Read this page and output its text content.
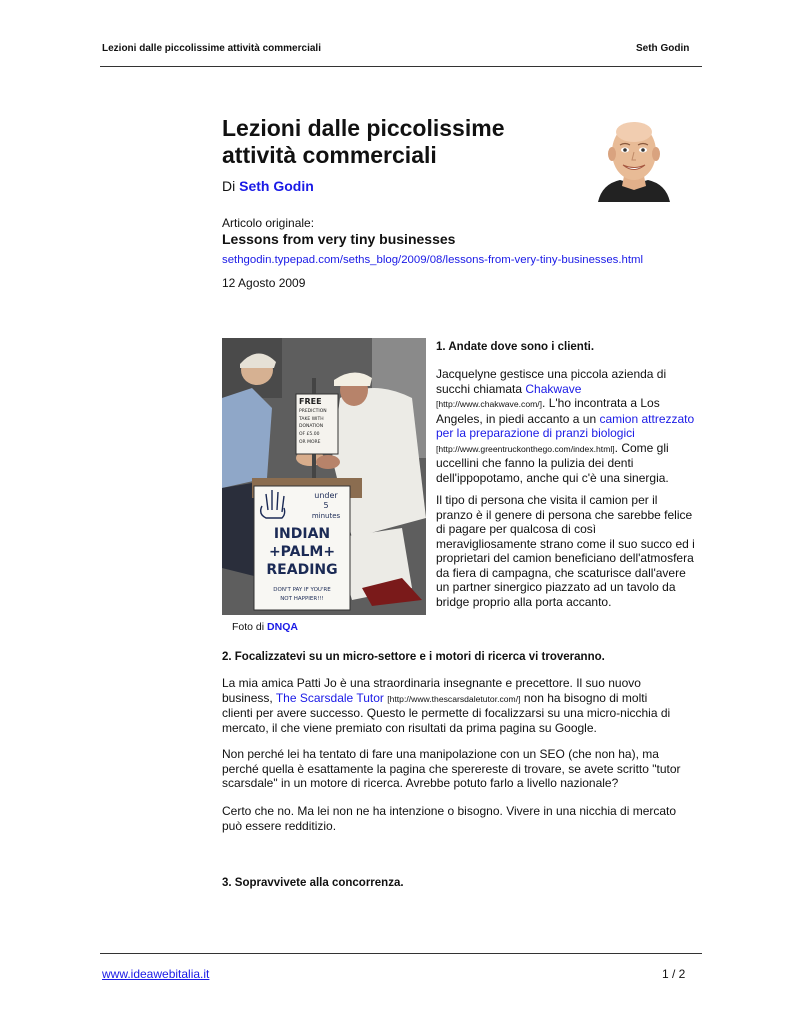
Lezioni dalle piccolissime attività commerciali	Seth Godin
Lezioni dalle piccolissime
attività commerciali
Di Seth Godin
Articolo originale:
Lessons from very tiny businesses
sethgodin.typepad.com/seths_blog/2009/08/lessons-from-very-tiny-businesses.html
12 Agosto 2009
FREE
PREDICTION
TAKE WITH
DONATION
OF £5.00
OR MORE
under
5
minutes
INDIAN
+PALM+
READING
DON'T PAY IF YOU'RE
NOT HAPPIER!!!
Foto di DNQA
1. Andate dove sono i clienti.
Jacquelyne gestisce una piccola azienda di
succhi chiamata Chakwave
[http://www.chakwave.com/]. L'ho incontrata a Los
Angeles, in piedi accanto a un camion attrezzato
per la preparazione di pranzi biologici
[http://www.greentruckonthego.com/index.html]. Come gli
uccellini che fanno la pulizia dei denti
dell'ippopotamo, anche qui c'è una sinergia.
Il tipo di persona che visita il camion per il
pranzo è il genere di persona che sarebbe felice
di pagare per qualcosa di così
meravigliosamente strano come il suo succo ed i
proprietari del camion beneficiano dell'atmosfera
da fiera di campagna, che scaturisce dall'avere
un partner sinergico piazzato ad un tavolo da
bridge proprio alla porta accanto.
2. Focalizzatevi su un micro-settore e i motori di ricerca vi troveranno.
La mia amica Patti Jo è una straordinaria insegnante e precettore. Il suo nuovo
business, The Scarsdale Tutor [http://www.thescarsdaletutor.com/] non ha bisogno di molti
clienti per avere successo. Questo le permette di focalizzarsi su una micro-nicchia di
mercato, il che viene premiato con risultati da prima pagina su Google.
Non perché lei ha tentato di fare una manipolazione con un SEO (che non ha), ma
perché quella è esattamente la pagina che sperereste di trovare, se avete scritto "tutor
scarsdale" in un motore di ricerca. Avrebbe potuto farlo a livello nazionale?
Certo che no. Ma lei non ne ha intenzione o bisogno. Vivere in una nicchia di mercato
può essere redditizio.
3. Sopravvivete alla concorrenza.
www.ideawebitalia.it	1 / 2
